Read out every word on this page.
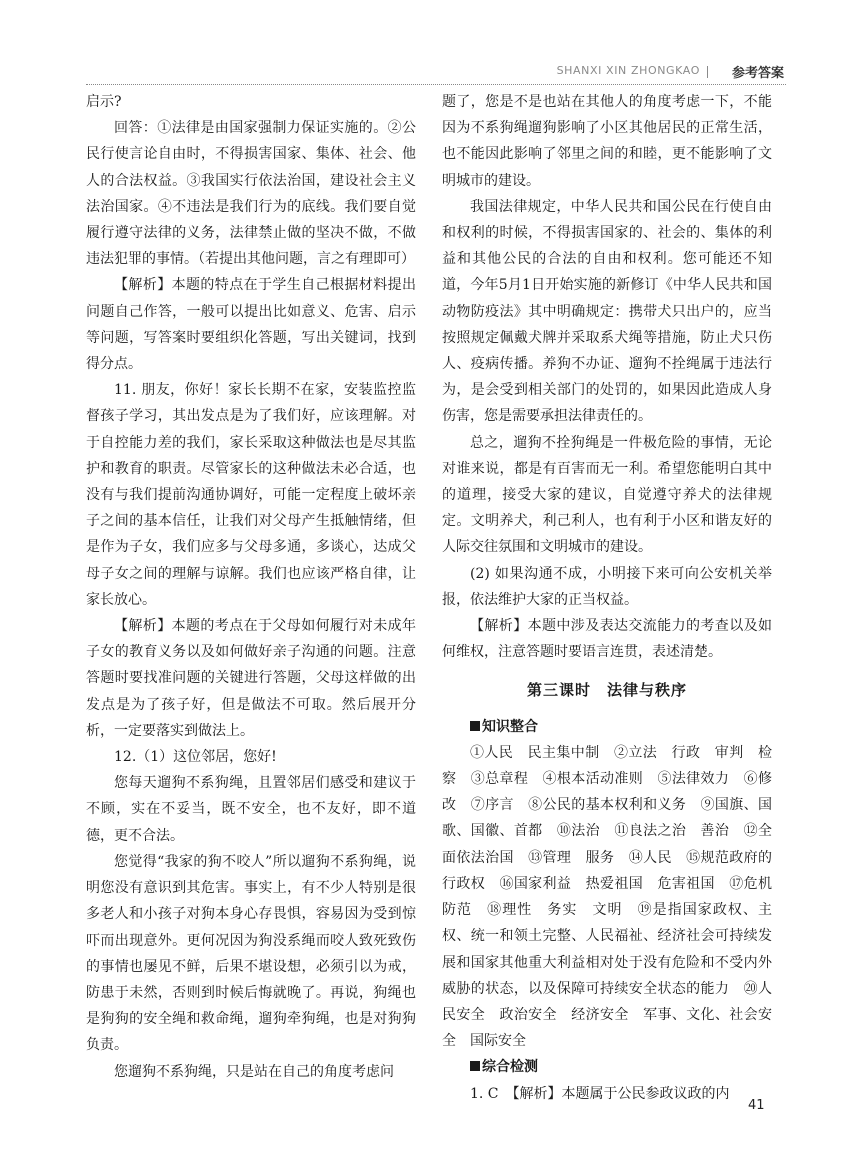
SHANXI XIN ZHONGKAO 参考答案

启示?

回答：①法律是由国家强制力保证实施的。②公民行使言论自由时，不得损害国家、集体、社会、他人的合法权益。③我国实行依法治国，建设社会主义法治国家。④不违法是我们行为的底线。我们要自觉履行遵守法律的义务，法律禁止做的坚决不做，不做违法犯罪的事情。（若提出其他问题，言之有理即可）

【解析】本题的特点在于学生自己根据材料提出问题自己作答，一般可以提出比如意义、危害、启示等问题，写答案时要组织化答题，写出关键词，找到得分点。

11. 朋友，你好！家长长期不在家，安装监控监督孩子学习，其出发点是为了我们好，应该理解。对于自控能力差的我们，家长采取这种做法也是尽其监护和教育的职责。尽管家长的这种做法未必合适，也没有与我们提前沟通协调好，可能一定程度上破坏亲子之间的基本信任，让我们对父母产生抵触情绪，但是作为子女，我们应多与父母多通，多谈心，达成父母子女之间的理解与谅解。我们也应该严格自律，让家长放心。

【解析】本题的考点在于父母如何履行对未成年子女的教育义务以及如何做好亲子沟通的问题。注意答题时要找准问题的关键进行答题，父母这样做的出发点是为了孩子好，但是做法不可取。然后展开分析，一定要落实到做法上。

12.（1）这位邻居，您好!

您每天遛狗不系狗绳，且置邻居们感受和建议于不顾，实在不妥当，既不安全，也不友好，即不道德，更不合法。

您觉得“我家的狗不咬人”所以遛狗不系狗绳，说明您没有意识到其危害。事实上，有不少人特别是很多老人和小孩子对狗本身心存畏惧，容易因为受到惊吓而出现意外。更何况因为狗没系绳而咬人致死致伤的事情也屡见不鲜，后果不堪设想，必须引以为戒，防患于未然，否则到时候后悔就晚了。再说，狗绳也是狗狗的安全绳和救命绳，遛狗牵狗绳，也是对狗狗负责。

您遛狗不系狗绳，只是站在自己的角度考虑问

题了，您是不是也站在其他人的角度考虑一下，不能因为不系狗绳遛狗影响了小区其他居民的正常生活，也不能因此影响了邻里之间的和睦，更不能影响了文明城市的建设。

我国法律规定，中华人民共和国公民在行使自由和权利的时候，不得损害国家的、社会的、集体的利益和其他公民的合法的自由和权利。您可能还不知道，今年5月1日开始实施的新修订《中华人民共和国动物防疫法》其中明确规定：携带犬只出户的，应当按照规定佩戴犬牌并采取系犬绳等措施，防止犬只伤人、疫病传播。养狗不办证、遛狗不拴绳属于违法行为，是会受到相关部门的处罚的，如果因此造成人身伤害，您是需要承担法律责任的。

总之，遛狗不拴狗绳是一件极危险的事情，无论对谁来说，都是有百害而无一利。希望您能明白其中的道理，接受大家的建议，自觉遵守养犬的法律规定。文明养犬，利己利人，也有利于小区和谐友好的人际交往氛围和文明城市的建设。

(2) 如果沟通不成，小明接下来可向公安机关举报，依法维护大家的正当权益。

【解析】本题中涉及表达交流能力的考查以及如何维权，注意答题时要语言连贯，表述清楚。

第三课时　法律与秩序

知识整合

①人民　民主集中制　②立法　行政　审判　检察　③总章程　④根本活动准则　⑤法律效力　⑥修改　⑦序言　⑧公民的基本权利和义务　⑨国旗、国歌、国徽、首都　⑩法治　⑪良法之治　善治　⑫全面依法治国　⑬管理　服务　⑭人民　⑮规范政府的行政权　⑯国家利益　热爱祖国　危害祖国　⑰危机　防范　⑱理性　务实　文明　⑲是指国家政权、主权、统一和领土完整、人民福祉、经济社会可持续发展和国家其他重大利益相对处于没有危险和不受内外威胁的状态，以及保障可持续安全状态的能力　⑳人民安全　政治安全　经济安全　军事、文化、社会安全　国际安全

综合检测

1. C　【解析】本题属于公民参政议政的内

41
